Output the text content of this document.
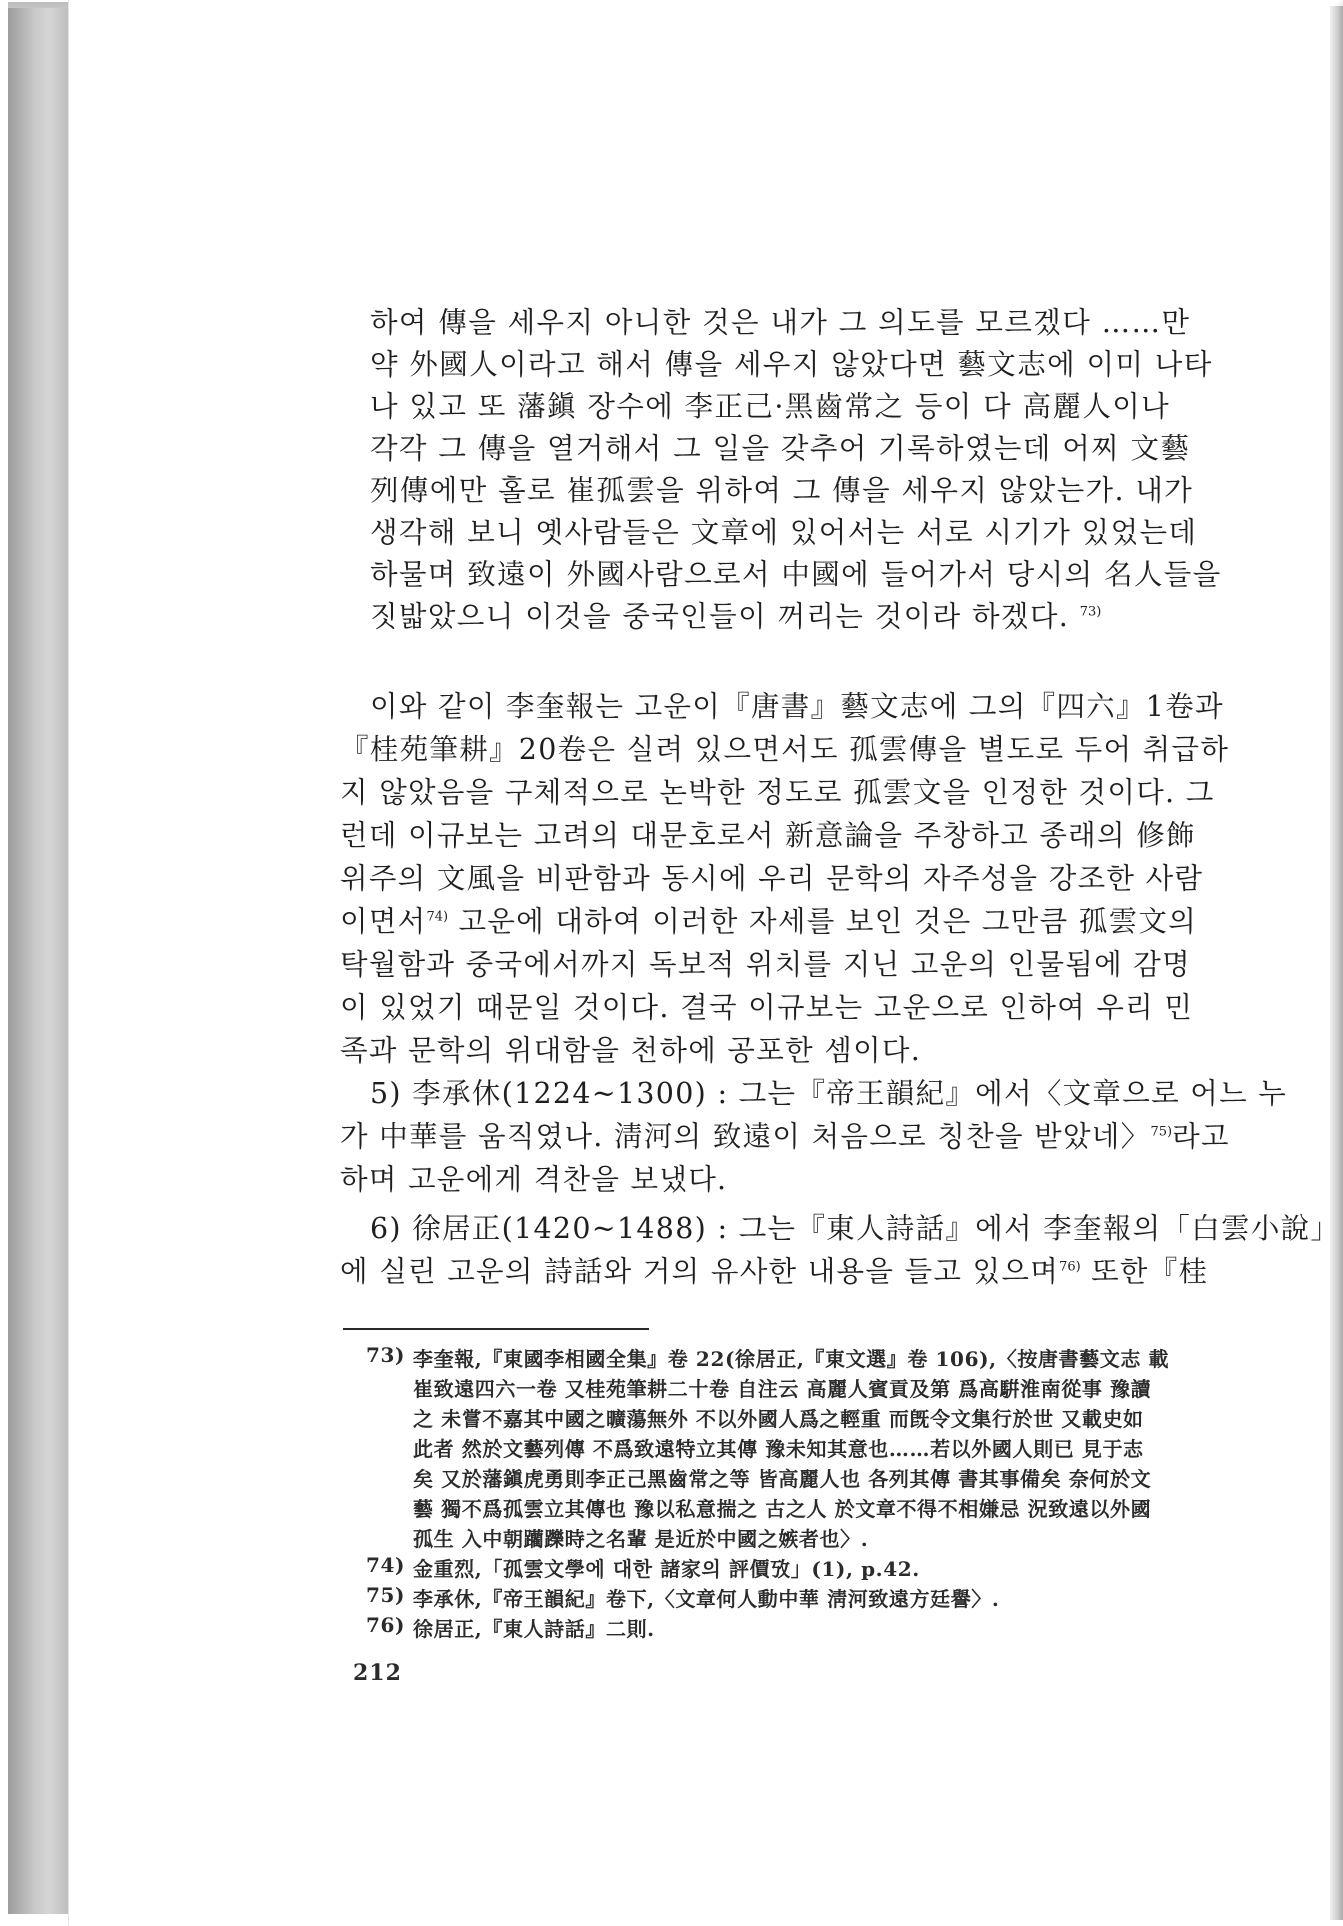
하여 傳을 세우지 아니한 것은 내가 그 의도를 모르겠다 ……만
약 外國人이라고 해서 傳을 세우지 않았다면 藝文志에 이미 나타
나 있고 또 藩鎭 장수에 李正己·黑齒常之 등이 다 高麗人이나
각각 그 傳을 열거해서 그 일을 갖추어 기록하였는데 어찌 文藝
列傳에만 홀로 崔孤雲을 위하여 그 傳을 세우지 않았는가. 내가
생각해 보니 옛사람들은 文章에 있어서는 서로 시기가 있었는데
하물며 致遠이 外國사람으로서 中國에 들어가서 당시의 名人들을
짓밟았으니 이것을 중국인들이 꺼리는 것이라 하겠다. $^{73)}$
이와 같이 李奎報는 고운이『唐書』藝文志에 그의『四六』1卷과
『桂苑筆耕』20卷은 실려 있으면서도 孤雲傳을 별도로 두어 취급하
지 않았음을 구체적으로 논박한 정도로 孤雲文을 인정한 것이다. 그
런데 이규보는 고려의 대문호로서 新意論을 주창하고 종래의 修飾
위주의 文風을 비판함과 동시에 우리 문학의 자주성을 강조한 사람
이면서$^{74)}$ 고운에 대하여 이러한 자세를 보인 것은 그만큼 孤雲文의
탁월함과 중국에서까지 독보적 위치를 지닌 고운의 인물됨에 감명
이 있었기 때문일 것이다. 결국 이규보는 고운으로 인하여 우리 민
족과 문학의 위대함을 천하에 공포한 셈이다.
5) 李承休(1224~1300) : 그는『帝王韻紀』에서〈文章으로 어느 누
가 中華를 움직였나. 淸河의 致遠이 처음으로 칭찬을 받았네〉$^{75)}$라고
하며 고운에게 격찬을 보냈다.
6) 徐居正(1420~1488) : 그는『東人詩話』에서 李奎報의「白雲小說」
에 실린 고운의 詩話와 거의 유사한 내용을 들고 있으며$^{76)}$ 또한『桂
73) 李奎報,『東國李相國全集』卷 22(徐居正,『東文選』卷 106),〈按唐書藝文志 載
崔致遠四六一卷 又桂苑筆耕二十卷 自注云 高麗人賓貢及第 爲高騈淮南從事 豫讀
之 未嘗不嘉其中國之曠蕩無外 不以外國人爲之輕重 而旣令文集行於世 又載史如
此者 然於文藝列傳 不爲致遠特立其傳 豫未知其意也……若以外國人則已 見于志
矣 又於藩鎭虎勇則李正己黑齒常之等 皆高麗人也 各列其傳 書其事備矣 奈何於文
藝 獨不爲孤雲立其傳也 豫以私意揣之 古之人 於文章不得不相嫌忌 況致遠以外國
孤生 入中朝躪躒時之名輩 是近於中國之嫉者也〉.
74) 金重烈,「孤雲文學에 대한 諸家의 評價攷」(1), p.42.
75) 李承休,『帝王韻紀』卷下,〈文章何人動中華 淸河致遠方廷譽〉.
76) 徐居正,『東人詩話』二則.
212
